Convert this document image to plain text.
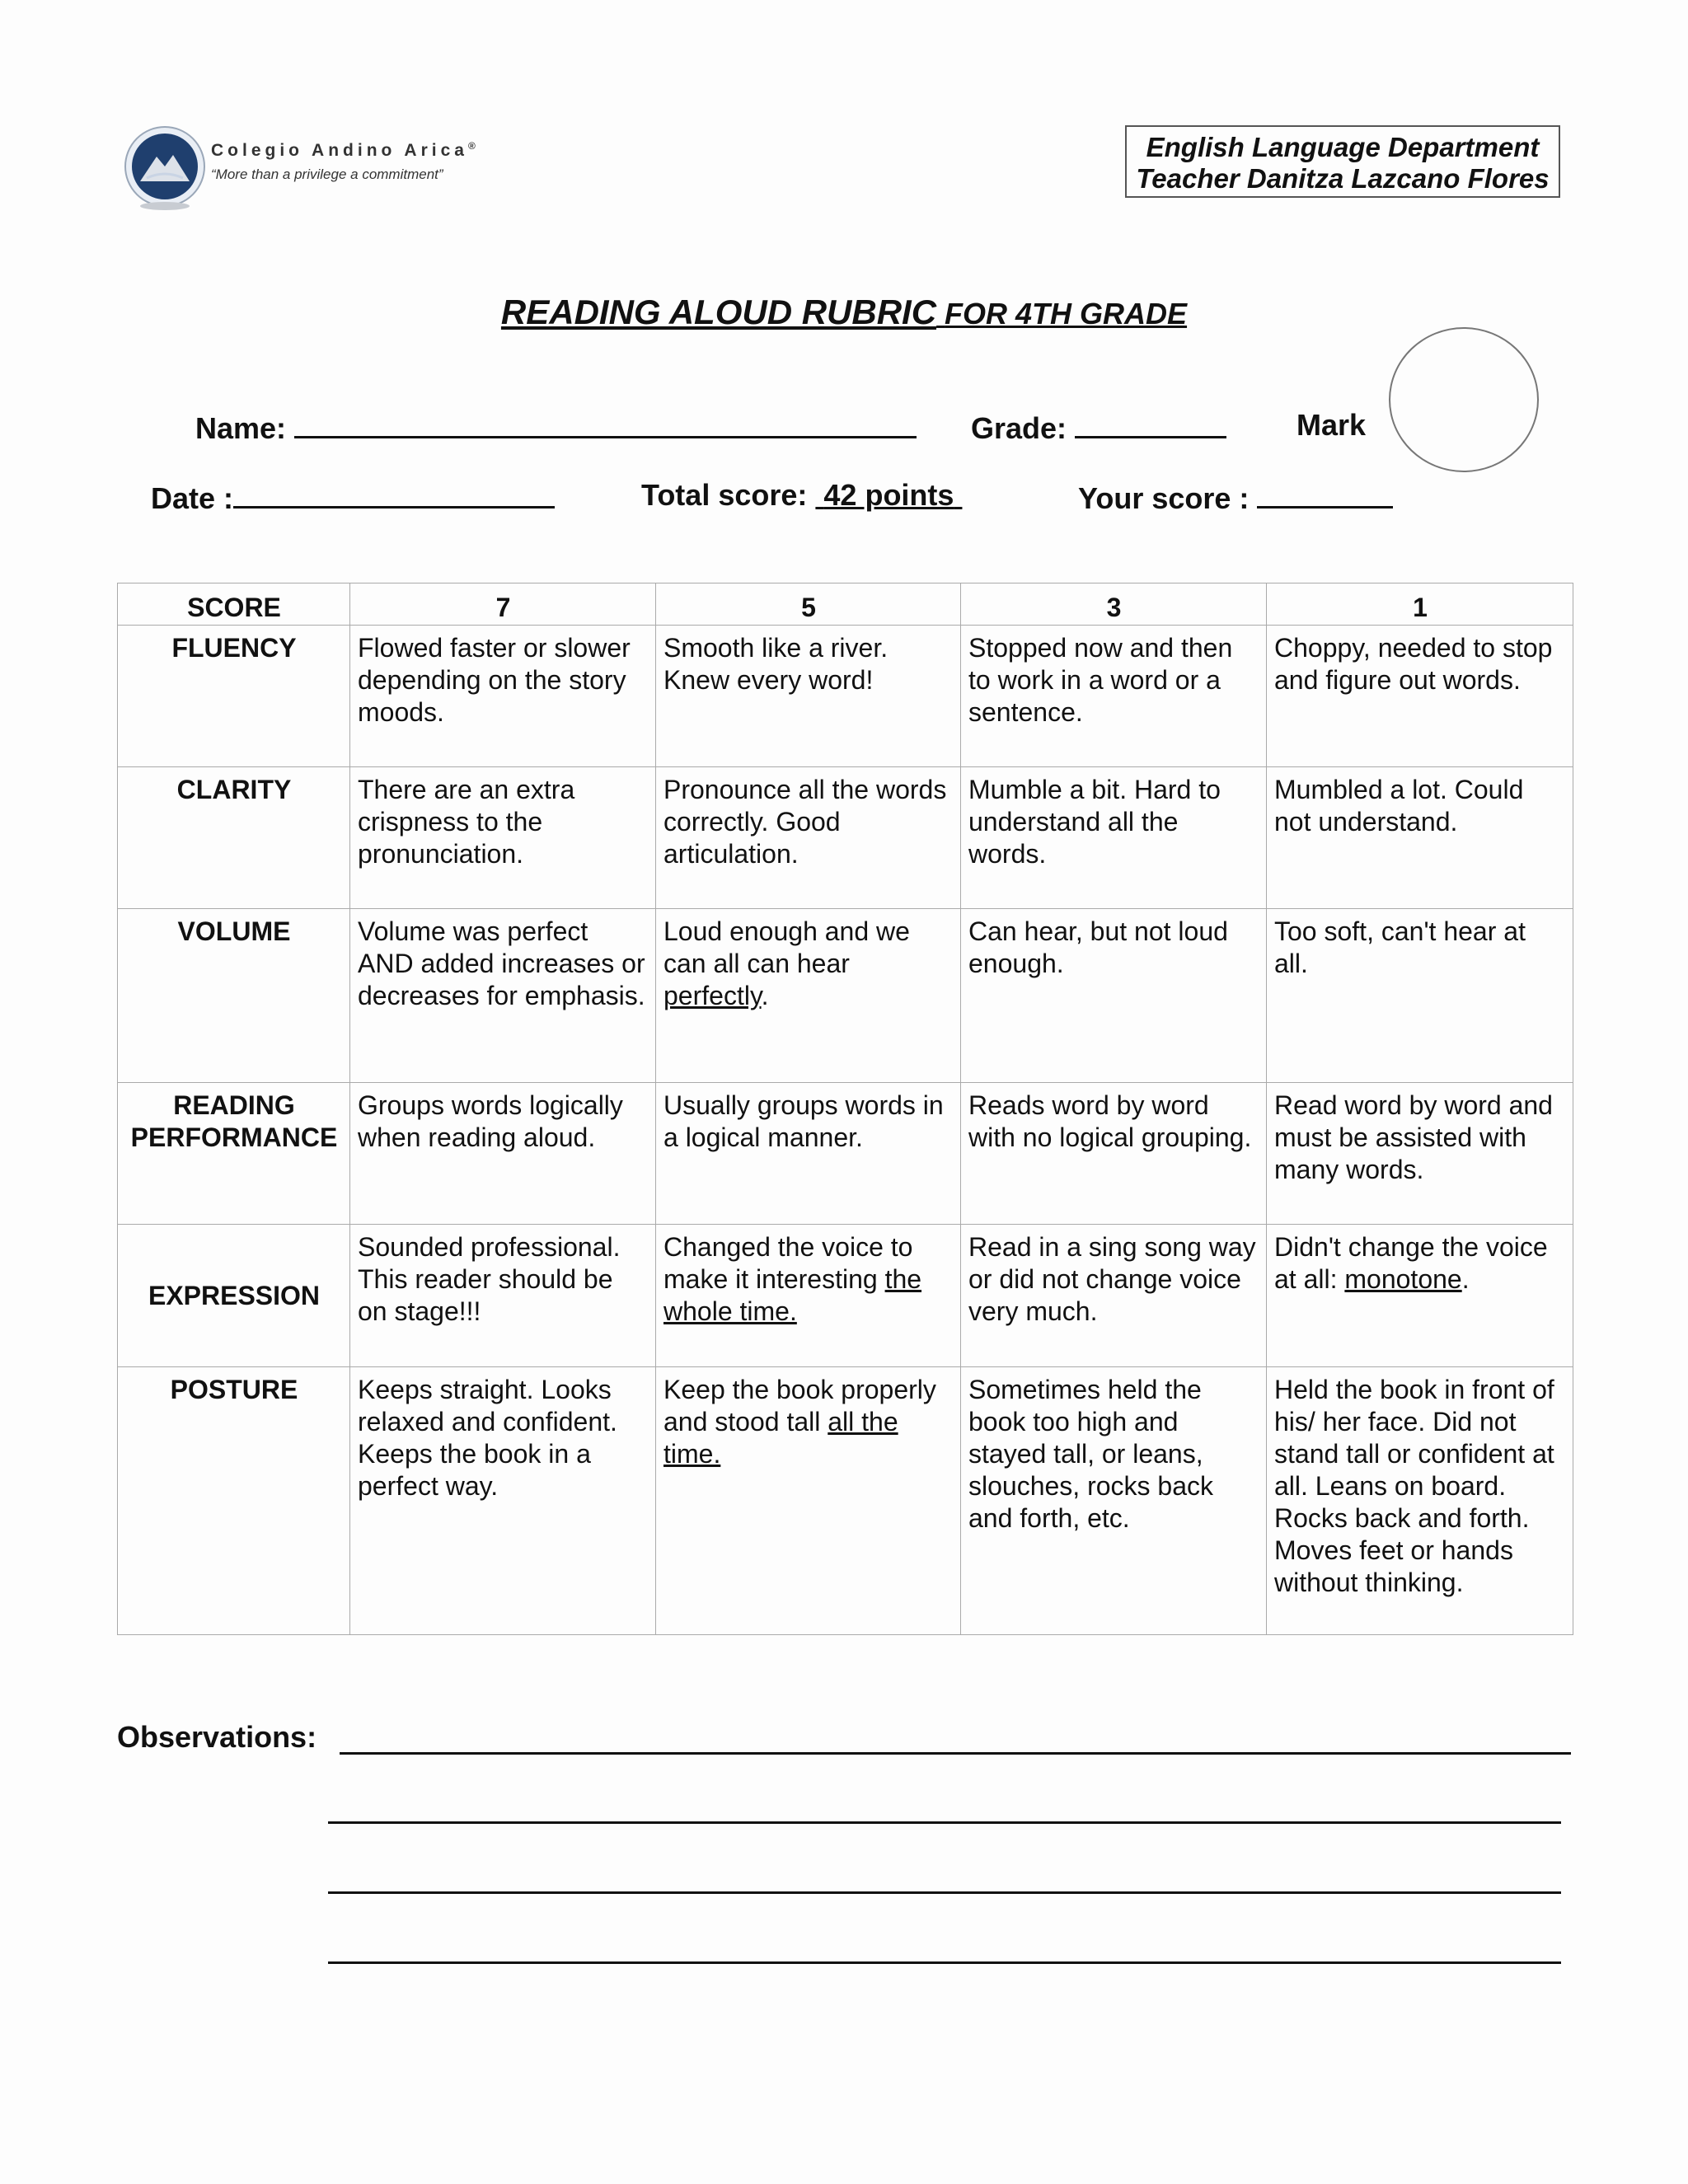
Colegio Andino Arica®
“More than a privilege a commitment”
English Language Department
Teacher Danitza Lazcano Flores
READING ALOUD RUBRIC FOR 4TH GRADE
Name:	Grade:	Mark
Date :	Total score: 42 points	Your score :
SCORE	7	5	3	1
FLUENCY	Flowed faster or slower depending on the story moods.	Smooth like a river. Knew every word!	Stopped now and then to work in a word or a sentence.	Choppy, needed to stop and figure out words.
CLARITY	There are an extra crispness to the pronunciation.	Pronounce all the words correctly. Good articulation.	Mumble a bit. Hard to understand all the words.	Mumbled a lot. Could not understand.
VOLUME	Volume was perfect AND added increases or decreases for emphasis.	Loud enough and we can all can hear perfectly.	Can hear, but not loud enough.	Too soft, can't hear at all.

READING
PERFORMANCE	Groups words logically when reading aloud.	Usually groups words in a logical manner.	Reads word by word with no logical grouping.	Read word by word and must be assisted with many words.
EXPRESSION	Sounded professional. This reader should be on stage!!!	Changed the voice to make it interesting the whole time.	Read in a sing song way or did not change voice very much.	Didn't change the voice at all: monotone.
POSTURE	Keeps straight. Looks relaxed and confident. Keeps the book in a perfect way.	Keep the book properly and stood tall all the time.	Sometimes held the book too high and stayed tall, or leans, slouches, rocks back and forth, etc.	Held the book in front of his/ her face. Did not stand tall or confident at all. Leans on board. Rocks back and forth. Moves feet or hands without thinking.
Observations:
